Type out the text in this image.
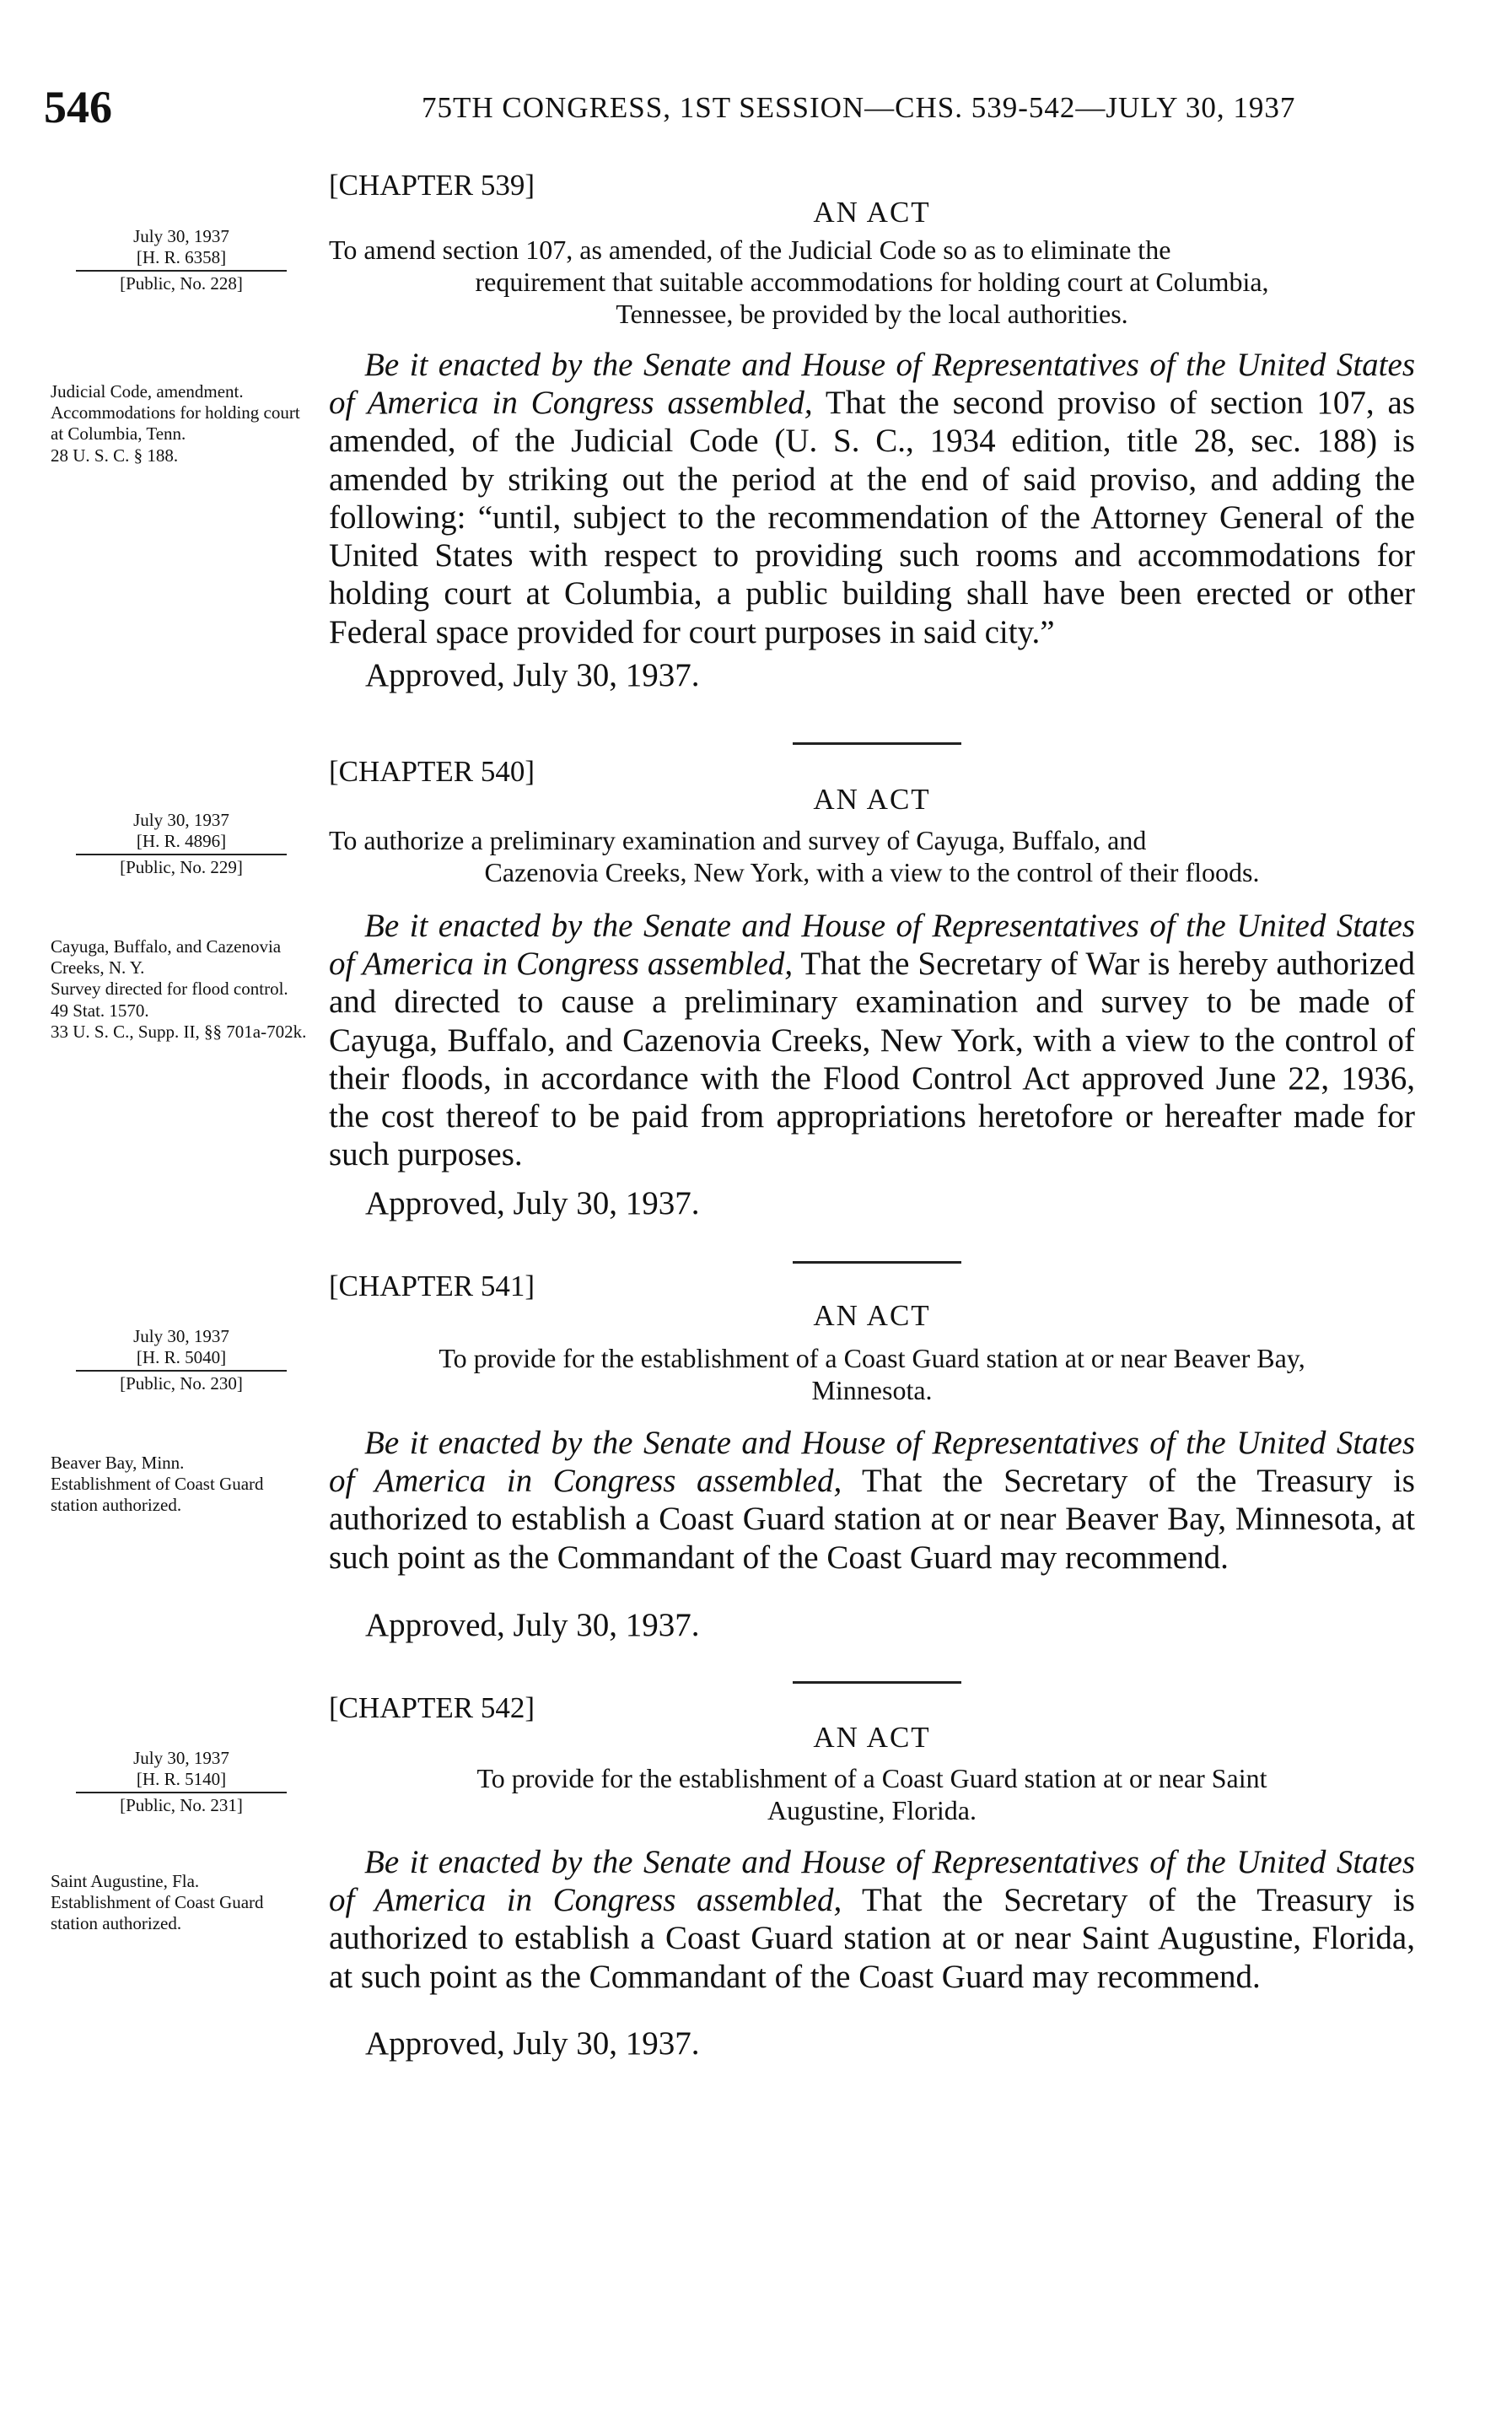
546	75TH CONGRESS, 1ST SESSION—CHS. 539-542—JULY 30, 1937
[CHAPTER 539]
AN ACT
July 30, 1937
[H. R. 6358]
[Public, No. 228]
To amend section 107, as amended, of the Judicial Code so as to eliminate the
requirement that suitable accommodations for holding court at Columbia,
Tennessee, be provided by the local authorities.
Judicial Code, amendment.
Accommodations for holding court at Columbia, Tenn.
28 U. S. C. § 188.
Be it enacted by the Senate and House of Representatives of the United States of America in Congress assembled, That the second proviso of section 107, as amended, of the Judicial Code (U. S. C., 1934 edition, title 28, sec. 188) is amended by striking out the period at the end of said proviso, and adding the following: “until, subject to the recommendation of the Attorney General of the United States with respect to providing such rooms and accommodations for holding court at Columbia, a public building shall have been erected or other Federal space provided for court purposes in said city.”
Approved, July 30, 1937.
[CHAPTER 540]
AN ACT
July 30, 1937
[H. R. 4896]
[Public, No. 229]
To authorize a preliminary examination and survey of Cayuga, Buffalo, and
Cazenovia Creeks, New York, with a view to the control of their floods.
Cayuga, Buffalo, and Cazenovia Creeks, N. Y.
Survey directed for flood control.
49 Stat. 1570.
33 U. S. C., Supp. II, §§ 701a-702k.
Be it enacted by the Senate and House of Representatives of the United States of America in Congress assembled, That the Secretary of War is hereby authorized and directed to cause a preliminary examination and survey to be made of Cayuga, Buffalo, and Cazenovia Creeks, New York, with a view to the control of their floods, in accordance with the Flood Control Act approved June 22, 1936, the cost thereof to be paid from appropriations heretofore or hereafter made for such purposes.
Approved, July 30, 1937.
[CHAPTER 541]
AN ACT
July 30, 1937
[H. R. 5040]
[Public, No. 230]
To provide for the establishment of a Coast Guard station at or near Beaver Bay,
Minnesota.
Beaver Bay, Minn.
Establishment of Coast Guard station authorized.
Be it enacted by the Senate and House of Representatives of the United States of America in Congress assembled, That the Secretary of the Treasury is authorized to establish a Coast Guard station at or near Beaver Bay, Minnesota, at such point as the Commandant of the Coast Guard may recommend.
Approved, July 30, 1937.
[CHAPTER 542]
AN ACT
July 30, 1937
[H. R. 5140]
[Public, No. 231]
To provide for the establishment of a Coast Guard station at or near Saint
Augustine, Florida.
Saint Augustine, Fla.
Establishment of Coast Guard station authorized.
Be it enacted by the Senate and House of Representatives of the United States of America in Congress assembled, That the Secretary of the Treasury is authorized to establish a Coast Guard station at or near Saint Augustine, Florida, at such point as the Commandant of the Coast Guard may recommend.
Approved, July 30, 1937.
